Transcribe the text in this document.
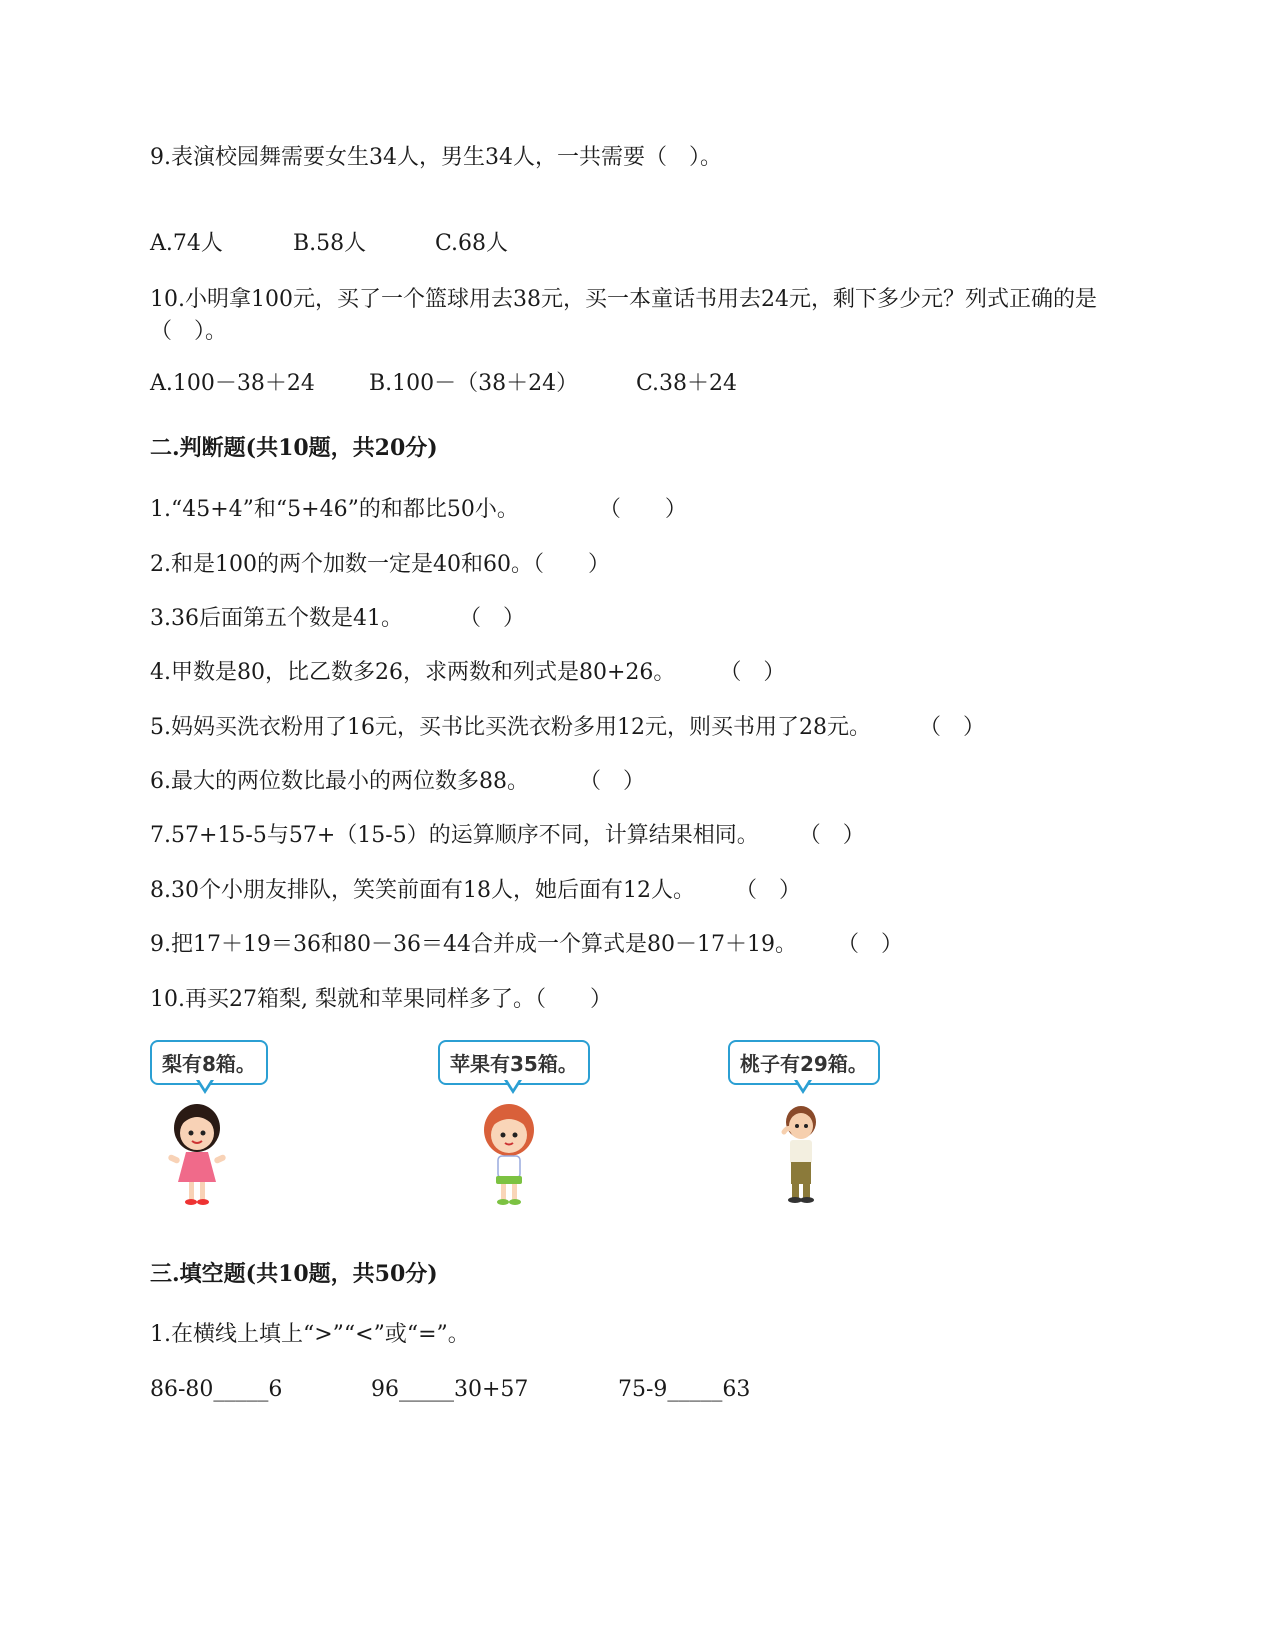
9.表演校园舞需要女生34人，男生34人，一共需要（　）。
A.74人	B.58人	C.68人
10.小明拿100元，买了一个篮球用去38元，买一本童话书用去24元，剩下多少元？列式正确的是（　）。
A.100－38＋24 B.100－（38＋24）	C.38＋24
二.判断题(共10题，共20分)
1.“45+4”和“5+46”的和都比50小。	（　　）
2.和是100的两个加数一定是40和60。（　　）
3.36后面第五个数是41。	（　）
4.甲数是80，比乙数多26，求两数和列式是80+26。 （　）
5.妈妈买洗衣粉用了16元，买书比买洗衣粉多用12元，则买书用了28元。 （　）
6.最大的两位数比最小的两位数多88。 （　）
7.57+15-5与57+（15-5）的运算顺序不同，计算结果相同。 （　）
8.30个小朋友排队，笑笑前面有18人，她后面有12人。 （　）
9.把17＋19＝36和80－36＝44合并成一个算式是80－17＋19。 （　）
10.再买27箱梨, 梨就和苹果同样多了。（　　）
梨有8箱。	苹果有35箱。	桃子有29箱。
三.填空题(共10题，共50分)
1.在横线上填上“>”“<”或“=”。
86-80_____6	96_____30+57	75-9_____63
